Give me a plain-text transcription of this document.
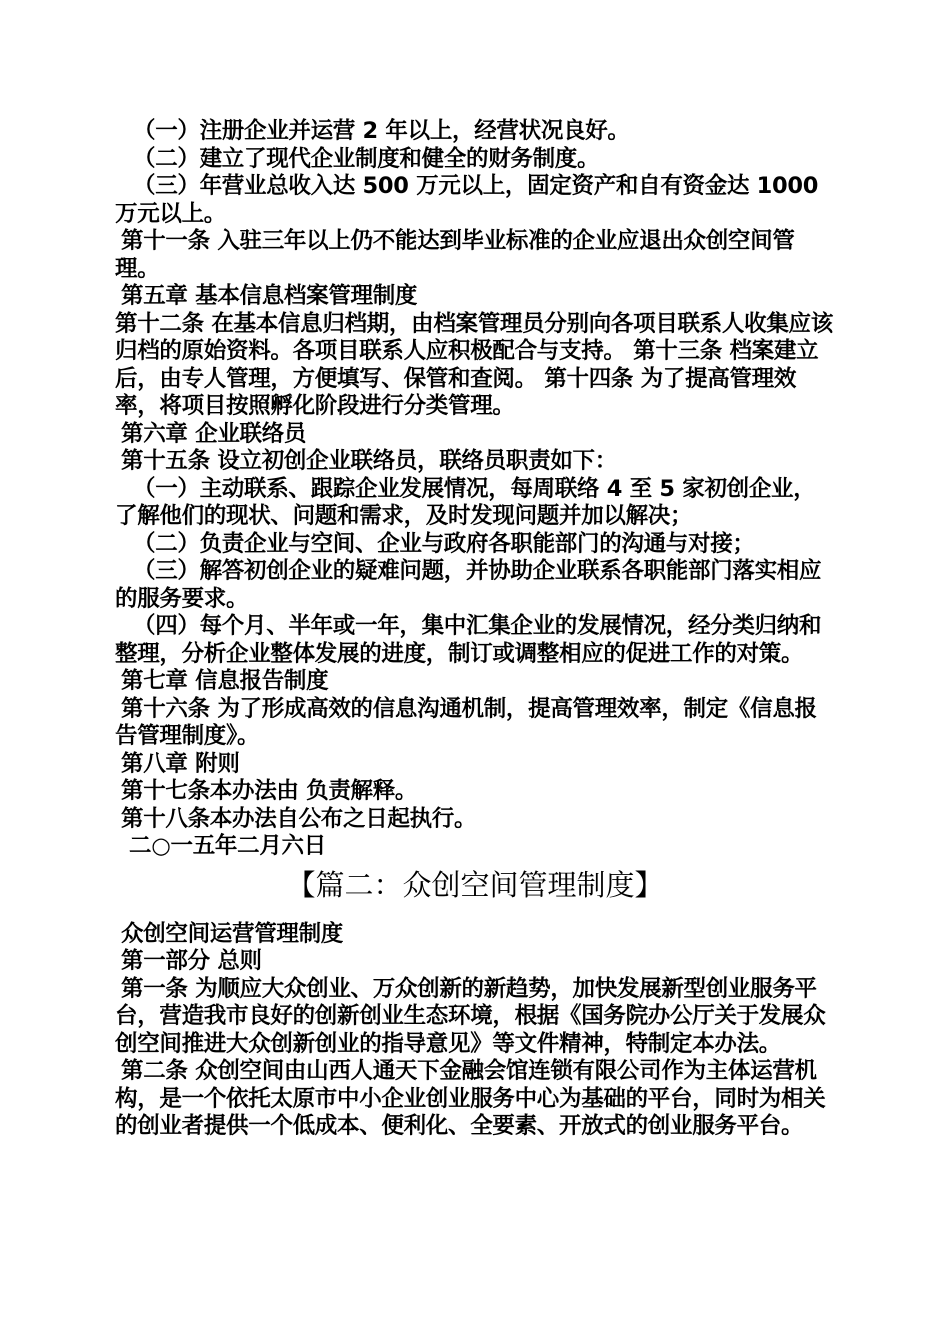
（一）注册企业并运营 2 年以上，经营状况良好。

（二）建立了现代企业制度和健全的财务制度。

（三）年营业总收入达 500 万元以上，固定资产和自有资金达 1000 万元以上。

第十一条 入驻三年以上仍不能达到毕业标准的企业应退出众创空间管理。

第五章 基本信息档案管理制度

第十二条 在基本信息归档期，由档案管理员分别向各项目联系人收集应该归档的原始资料。各项目联系人应积极配合与支持。 第十三条 档案建立后，由专人管理，方便填写、保管和查阅。 第十四条 为了提高管理效率，将项目按照孵化阶段进行分类管理。

第六章 企业联络员

第十五条 设立初创企业联络员，联络员职责如下：

（一）主动联系、跟踪企业发展情况，每周联络 4 至 5 家初创企业，了解他们的现状、问题和需求，及时发现问题并加以解决；

（二）负责企业与空间、企业与政府各职能部门的沟通与对接；

（三）解答初创企业的疑难问题，并协助企业联系各职能部门落实相应的服务要求。

（四）每个月、半年或一年，集中汇集企业的发展情况，经分类归纳和整理，分析企业整体发展的进度，制订或调整相应的促进工作的对策。

第七章 信息报告制度

第十六条 为了形成高效的信息沟通机制，提高管理效率，制定《信息报告管理制度》。

第八章 附则

第十七条本办法由 负责解释。

第十八条本办法自公布之日起执行。

二○一五年二月六日

【篇二：众创空间管理制度】

众创空间运营管理制度

第一部分 总则

第一条 为顺应大众创业、万众创新的新趋势，加快发展新型创业服务平台，营造我市良好的创新创业生态环境，根据《国务院办公厅关于发展众创空间推进大众创新创业的指导意见》等文件精神，特制定本办法。

第二条 众创空间由山西人通天下金融会馆连锁有限公司作为主体运营机构，是一个依托太原市中小企业创业服务中心为基础的平台，同时为相关的创业者提供一个低成本、便利化、全要素、开放式的创业服务平台。
